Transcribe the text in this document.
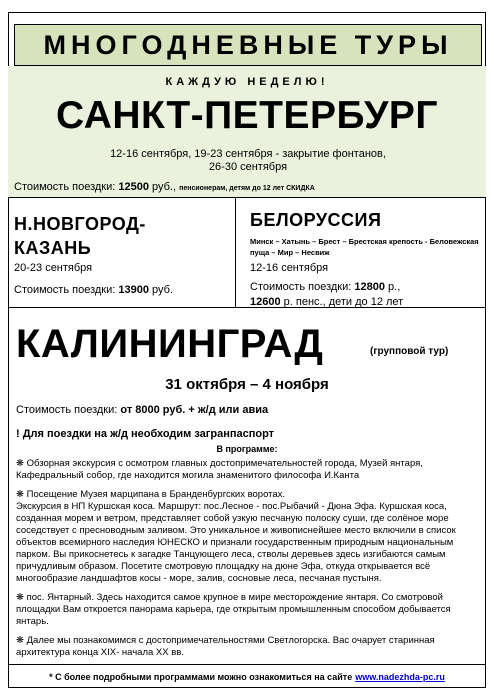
МНОГОДНЕВНЫЕ ТУРЫ
КАЖДУЮ НЕДЕЛЮ!
САНКТ-ПЕТЕРБУРГ
12-16 сентября, 19-23 сентября - закрытие фонтанов,
26-30 сентября
Стоимость поездки: 12500 руб., пенсионерам, детям до 12 лет СКИДКА
Н.НОВГОРОД-
КАЗАНЬ
20-23 сентября
Стоимость поездки: 13900 руб.
БЕЛОРУССИЯ
Минск – Хатынь – Брест – Брестская крепость - Беловежская пуща – Мир – Несвиж
12-16 сентября
Стоимость поездки: 12800 р.,
12600 р. пенс., дети до 12 лет
КАЛИНИНГРАД	(групповой тур)
31 октября – 4 ноября
Стоимость поездки: от 8000 руб. + ж/д или авиа
! Для поездки на ж/д необходим загранпаспорт
В программе:
❋ Обзорная экскурсия с осмотром главных достопримечательностей города, Музей янтаря, Кафедральный собор, где находится могила знаменитого философа И.Канта
❋ Посещение Музея марципана в Бранденбургских воротах.
Экскурсия в НП Куршская коса. Маршрут: пос.Лесное - пос.Рыбачий - Дюна Эфа. Куршская коса, созданная морем и ветром, представляет собой узкую песчаную полоску суши, где солёное море соседствует с пресноводным заливом. Это уникальное и живописнейшее место включили в список объектов всемирного наследия ЮНЕСКО и признали государственным природным национальным парком. Вы прикоснетесь к загадке Танцующего леса, стволы деревьев здесь изгибаются самым причудливым образом. Посетите смотровую площадку на дюне Эфа, откуда открывается всё многообразие ландшафтов косы - море, залив, сосновые леса, песчаная пустыня.
❋ пос. Янтарный. Здесь находится самое крупное в мире месторождение янтаря. Со смотровой площадки Вам откроется панорама карьера, где открытым промышленным способом добывается янтарь.
❋ Далее мы познакомимся с достопримечательностями Светлогорска. Вас очарует старинная архитектура конца XIX- начала XX вв.
* С более подробными программами можно ознакомиться на сайте www.nadezhda-pc.ru
